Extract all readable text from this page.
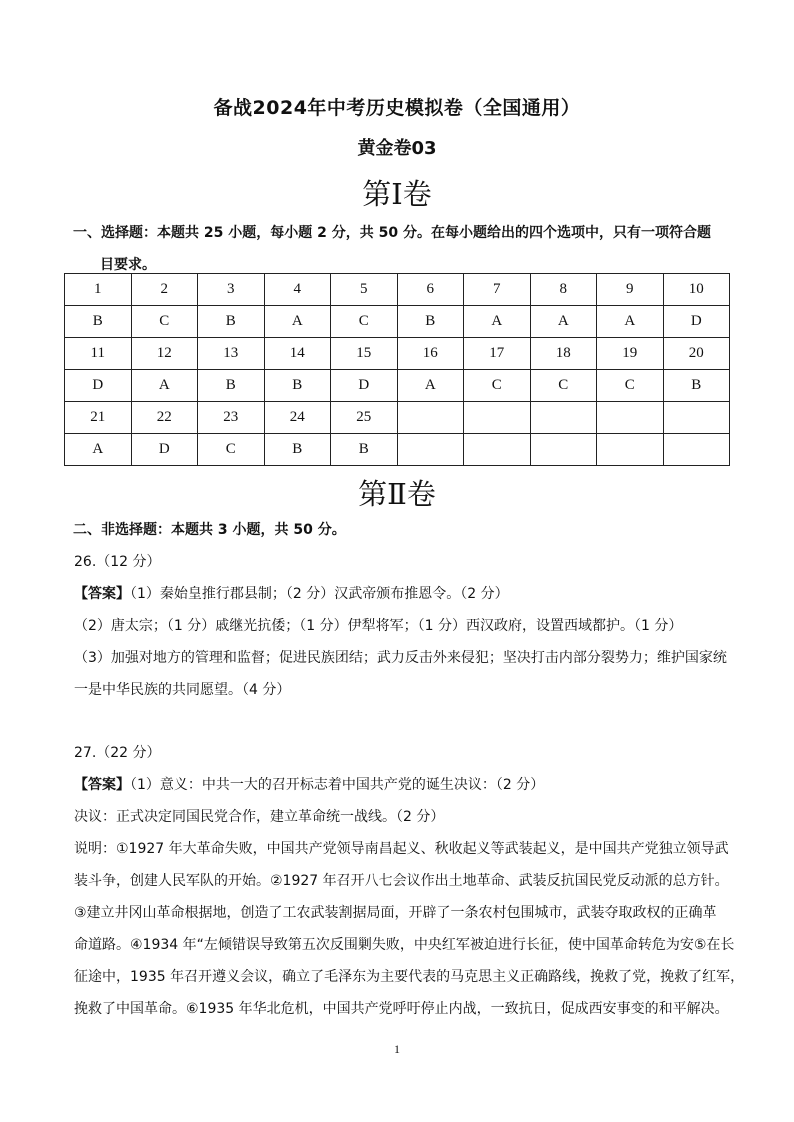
备战2024年中考历史模拟卷（全国通用）
黄金卷03
第Ⅰ卷
一、选择题：本题共 25 小题，每小题 2 分，共 50 分。在每小题给出的四个选项中，只有一项符合题
目要求。
1	2	3	4	5	6	7	8	9	10
B	C	B	A	C	B	A	A	A	D
11	12	13	14	15	16	17	18	19	20
D	A	B	B	D	A	C	C	C	B
21	22	23	24	25					
A	D	C	B	B					
第Ⅱ卷
二、非选择题：本题共 3 小题，共 50 分。
26.（12 分）
【答案】（1）秦始皇推行郡县制；（2 分）汉武帝颁布推恩令。（2 分）
（2）唐太宗；（1 分）戚继光抗倭；（1 分）伊犁将军；（1 分）西汉政府，设置西域都护。（1 分）
（3）加强对地方的管理和监督；促进民族团结；武力反击外来侵犯；坚决打击内部分裂势力；维护国家统
一是中华民族的共同愿望。（4 分）
27.（22 分）
【答案】（1）意义：中共一大的召开标志着中国共产党的诞生决议：（2 分）
决议：正式决定同国民党合作，建立革命统一战线。（2 分）
说明：①1927 年大革命失败，中国共产党领导南昌起义、秋收起义等武装起义，是中国共产党独立领导武
装斗争，创建人民军队的开始。②1927 年召开八七会议作出土地革命、武装反抗国民党反动派的总方针。
③建立井冈山革命根据地，创造了工农武装割据局面，开辟了一条农村包围城市，武装夺取政权的正确革
命道路。④1934 年“左倾错误导致第五次反围剿失败，中央红军被迫进行长征，使中国革命转危为安⑤在长
征途中，1935 年召开遵义会议，确立了毛泽东为主要代表的马克思主义正确路线，挽救了党，挽救了红军，
挽救了中国革命。⑥1935 年华北危机，中国共产党呼吁停止内战，一致抗日，促成西安事变的和平解决。
1
